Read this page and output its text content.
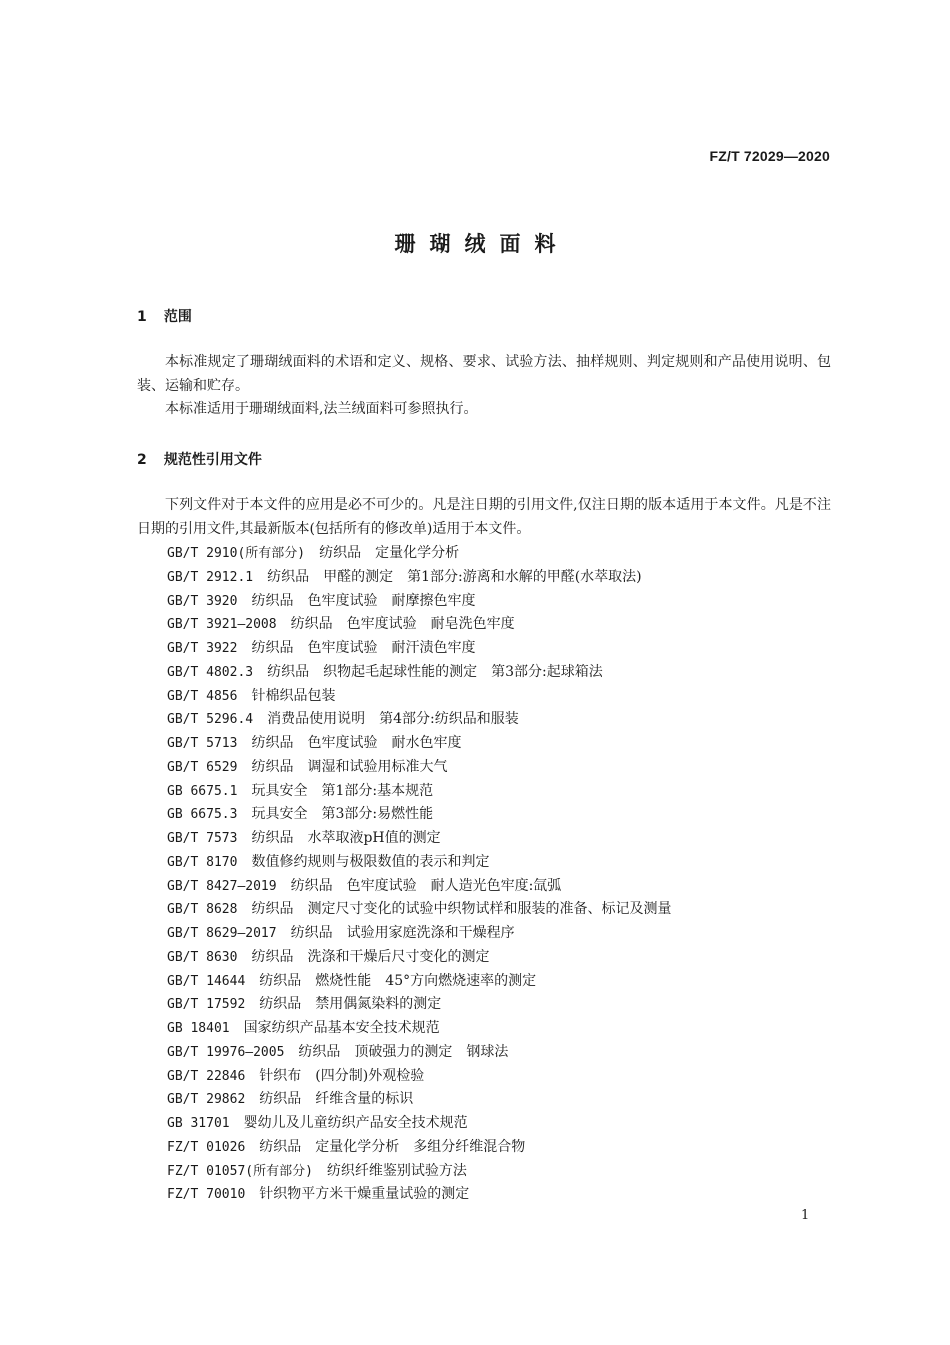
FZ/T 72029—2020
珊瑚绒面料
1 范围

本标准规定了珊瑚绒面料的术语和定义、规格、要求、试验方法、抽样规则、判定规则和产品使用说明、包装、运输和贮存。

本标准适用于珊瑚绒面料,法兰绒面料可参照执行。

2 规范性引用文件

下列文件对于本文件的应用是必不可少的。凡是注日期的引用文件,仅注日期的版本适用于本文件。凡是不注日期的引用文件,其最新版本(包括所有的修改单)适用于本文件。

GB/T 2910(所有部分)　 纺织品　定量化学分析
GB/T 2912.1　 纺织品　甲醛的测定　第1部分:游离和水解的甲醛(水萃取法)
GB/T 3920　 纺织品　色牢度试验　耐摩擦色牢度
GB/T 3921—2008　 纺织品　色牢度试验　耐皂洗色牢度
GB/T 3922　 纺织品　色牢度试验　耐汗渍色牢度
GB/T 4802.3　 纺织品　织物起毛起球性能的测定　第3部分:起球箱法
GB/T 4856　 针棉织品包装
GB/T 5296.4　 消费品使用说明　第4部分:纺织品和服装
GB/T 5713　 纺织品　色牢度试验　耐水色牢度
GB/T 6529　 纺织品　调湿和试验用标准大气
GB 6675.1　 玩具安全　第1部分:基本规范
GB 6675.3　 玩具安全　第3部分:易燃性能
GB/T 7573　 纺织品　水萃取液pH值的测定
GB/T 8170　 数值修约规则与极限数值的表示和判定
GB/T 8427—2019　 纺织品　色牢度试验　耐人造光色牢度:氙弧
GB/T 8628　 纺织品　测定尺寸变化的试验中织物试样和服装的准备、标记及测量
GB/T 8629—2017　 纺织品　试验用家庭洗涤和干燥程序
GB/T 8630　 纺织品　洗涤和干燥后尺寸变化的测定
GB/T 14644　 纺织品　燃烧性能　45°方向燃烧速率的测定
GB/T 17592　 纺织品　禁用偶氮染料的测定
GB 18401　 国家纺织产品基本安全技术规范
GB/T 19976—2005　 纺织品　顶破强力的测定　钢球法
GB/T 22846　 针织布　(四分制)外观检验
GB/T 29862　 纺织品　纤维含量的标识
GB 31701　 婴幼儿及儿童纺织产品安全技术规范
FZ/T 01026　 纺织品　定量化学分析　多组分纤维混合物
FZ/T 01057(所有部分)　 纺织纤维鉴别试验方法
FZ/T 70010　 针织物平方米干燥重量试验的测定
1
